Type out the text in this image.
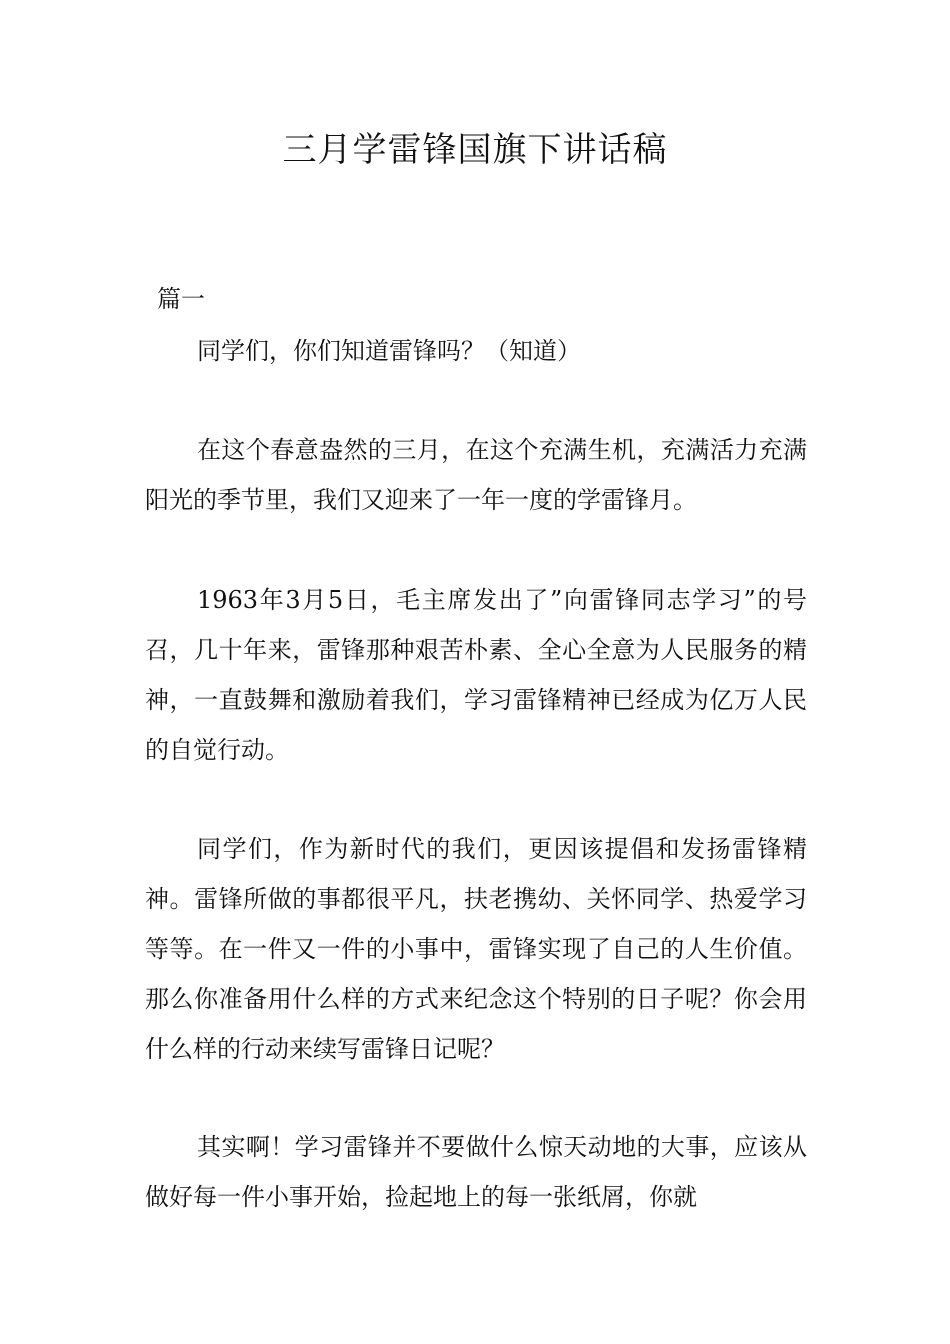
三月学雷锋国旗下讲话稿
篇一

同学们，你们知道雷锋吗？（知道）

在这个春意盎然的三月，在这个充满生机，充满活力充满阳光的季节里，我们又迎来了一年一度的学雷锋月。

1963年3月5日，毛主席发出了”向雷锋同志学习”的号召，几十年来，雷锋那种艰苦朴素、全心全意为人民服务的精神，一直鼓舞和激励着我们，学习雷锋精神已经成为亿万人民的自觉行动。

同学们，作为新时代的我们，更因该提倡和发扬雷锋精神。雷锋所做的事都很平凡，扶老携幼、关怀同学、热爱学习等等。在一件又一件的小事中，雷锋实现了自己的人生价值。那么你准备用什么样的方式来纪念这个特别的日子呢？你会用什么样的行动来续写雷锋日记呢？

其实啊！学习雷锋并不要做什么惊天动地的大事，应该从做好每一件小事开始，捡起地上的每一张纸屑，你就
